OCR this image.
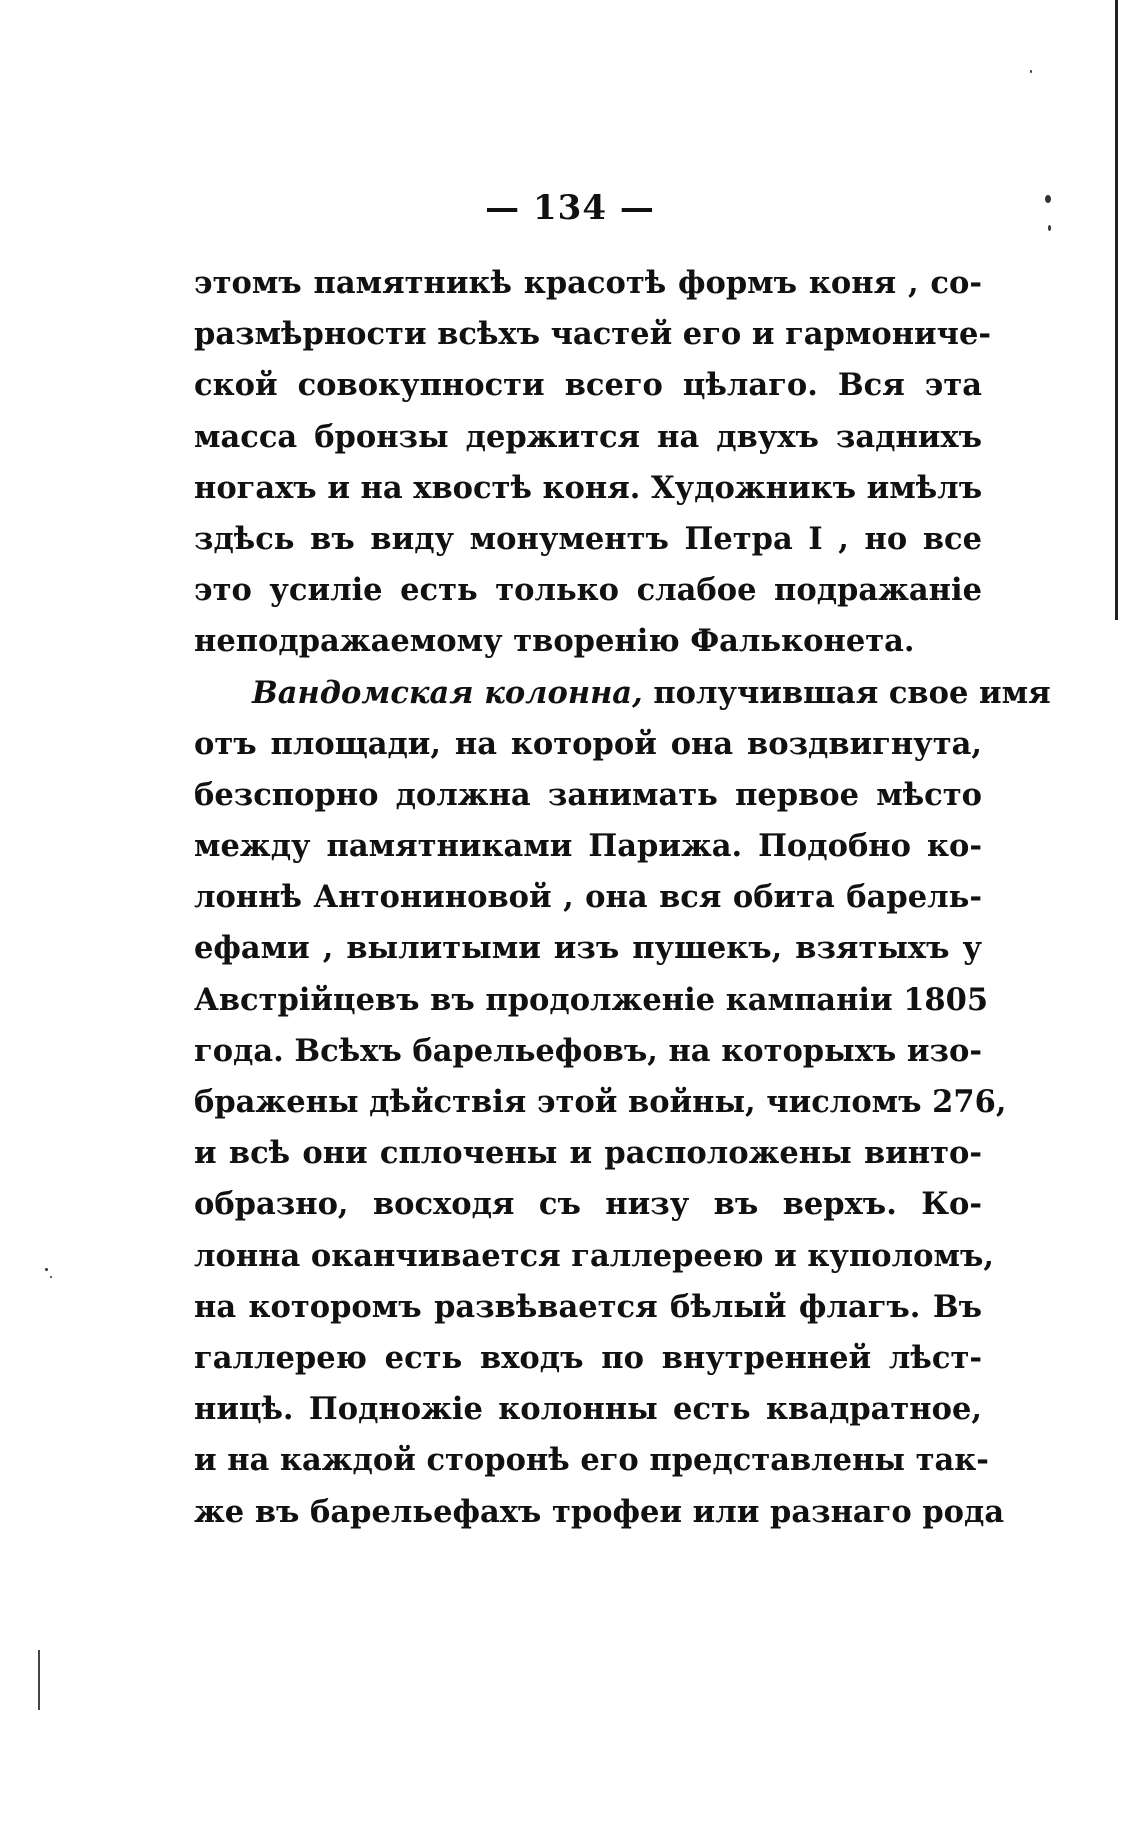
— 134 —
этомъ памятникѣ красотѣ формъ коня , со-
размѣрности всѣхъ частей его и гармониче-
ской совокупности всего цѣлаго. Вся эта
масса бронзы держится на двухъ заднихъ
ногахъ и на хвостѣ коня. Художникъ имѣлъ
здѣсь въ виду монументъ Петра I , но все
это усиліе есть только слабое подражаніе
неподражаемому творенію Фальконета.
Вандомская колонна, получившая свое имя
отъ площади, на которой она воздвигнута,
безспорно должна занимать первое мѣсто
между памятниками Парижа. Подобно ко-
лоннѣ Антониновой , она вся обита барель-
ефами , вылитыми изъ пушекъ, взятыхъ у
Австрійцевъ въ продолженіе кампаніи 1805
года. Всѣхъ барельефовъ, на которыхъ изо-
бражены дѣйствія этой войны, числомъ 276,
и всѣ они сплочены и расположены винто-
образно, восходя съ низу въ верхъ. Ко-
лонна оканчивается галлереею и куполомъ,
на которомъ развѣвается бѣлый флагъ. Въ
галлерею есть входъ по внутренней лѣст-
ницѣ. Подножіе колонны есть квадратное,
и на каждой сторонѣ его представлены так-
же въ барельефахъ трофеи или разнаго рода
